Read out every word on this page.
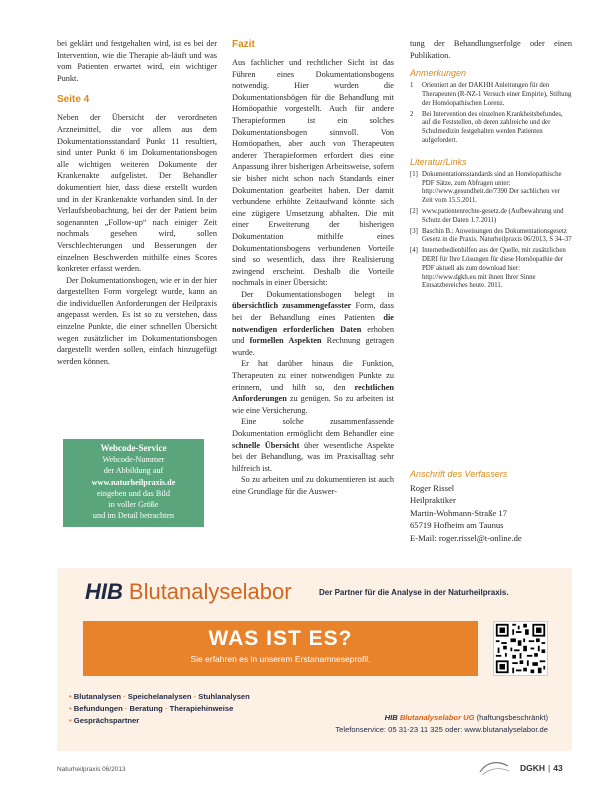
bei geklärt und festgehalten wird, ist es bei der Intervention, wie die Therapie ab-läuft und was vom Patienten erwartet wird, ein wichtiger Punkt.

Seite 4

Neben der Übersicht der verordneten Arzneimittel, die vor allem aus dem Dokumentationsstandard Punkt 11 resultiert, sind unter Punkt 6 im Dokumentationsbogen alle wichtigen weiteren Dokumente der Krankenakte aufgelistet. Der Behandler dokumentiert hier, dass diese erstellt wurden und in der Krankenakte vorhanden sind. In der Verlaufsbeobachtung, bei der der Patient beim sogenannten „Follow-up“ nach einiger Zeit nochmals gesehen wird, sollen Verschlechterungen und Besserungen der einzelnen Beschwerden mithilfe eines Scores konkreter erfasst werden.

Der Dokumentationsbogen, wie er in der hier dargestellten Form vorgelegt wurde, kann an die individuellen Anforderungen der Heilpraxis angepasst werden. Es ist so zu verstehen, dass einzelne Punkte, die einer schnellen Übersicht wegen zusätzlicher im Dokumentationsbogen dargestellt werden sollen, einfach hinzugefügt werden können.

Webcode-Service
Webcode-Nummer
der Abbildung auf
www.naturheilpraxis.de
eingeben und das Bild
in voller Größe
und im Detail betrachten
Fazit

Aus fachlicher und rechtlicher Sicht ist das Führen eines Dokumentationsbogens notwendig. Hier wurden die Dokumentationsbögen für die Behandlung mit Homöopathie vorgestellt. Auch für andere Therapieformen ist ein solches Dokumentationsbogen sinnvoll. Von Homöopathen, aber auch von Therapeuten anderer Therapieformen erfordert dies eine Anpassung ihrer bisherigen Arbeitsweise, sofern sie bisher nicht schon nach Standards einer Dokumentation gearbeitet haben. Der damit verbundene erhöhte Zeitaufwand könnte sich eine zügigere Umsetzung abhalten. Die mit einer Erweiterung der bisherigen Dokumentation mithilfe eines Dokumentationsbogens verbundenen Vorteile sind so wesentlich, dass ihre Realisierung zwingend erscheint. Deshalb die Vorteile nochmals in einer Übersicht:

Der Dokumentationsbogen belegt in übersichtlich zusammengefasster Form, dass bei der Behandlung eines Patienten die notwendigen erforderlichen Daten erhoben und formellen Aspekten Rechnung getragen wurde.

Er hat darüber hinaus die Funktion, Therapeuten zu einer notwendigen Punkte zu erinnern, und hilft so, den rechtlichen Anforderungen zu genügen. So zu arbeiten ist wie eine Versicherung.

Eine solche zusammenfassende Dokumentation ermöglicht dem Behandler eine schnelle Übersicht über wesentliche Aspekte bei der Behandlung, was im Praxisalltag sehr hilfreich ist.

So zu arbeiten und zu dokumentieren ist auch eine Grundlage für die Auswer-

tung der Behandlungserfolge oder einen Publikation.

Anmerkungen
1	Orientiert an der DAKHH Anleitungen für den Therapeuten (R-NZ-1 Versuch einer Empirie), Stiftung der Homöopathischen Lorenz.
2	Bei Intervention des einzelnen Krankheitsbefundes, auf die Feststellen, ob deren zahlreiche und der Schulmedizin festgehalten werden Patienten aufgefordert.
Literatur/Links
[1] Dokumentationsstandards sind an Homöopathische PDF Sätze, zum Abfragen unter: http://www.gesundheit.de/7390 Der sachlichen ver Zeit vom 15.5.2011.
[2] www.patientenrechte-gesetz.de (Aufbewahrung und Schutz der Daten 1.7.2011)
[3] Baschin B.: Anweisungen des Dokumentationsgesetz Gesetz in die Praxis. Naturheilpraxis 06/2013, S 34–37
[4] Internetbedienhilfen aus der Quelle, mit zusätzlichen DERI für Ihre Lösungen für diese Homöopathie der PDF aktuell als zum download hier: http://www.dgkh.eu mit ihnen Ihrer Sinne Einsatzbereiches heute. 2011.
Anschrift des Verfassers
Roger Rissel
Heilpraktiker
Martin-Wohmann-Straße 17
65719 Hofheim am Taunus
E-Mail: roger.rissel@t-online.de
HIB Blutanalyselabor	Der Partner für die Analyse in der Naturheilpraxis.
WAS IST ES?
Sie erfahren es in unserem Erstanamneseprofil.
• Blutanalysen · Speichelanalysen · Stuhlanalysen
• Befundungen · Beratung · Therapiehinweise
• Gesprächspartner	HIB Blutanalyselabor UG (haftungsbeschränkt)
Telefonservice: 05 31-23 11 325 oder: www.blutanalyselabor.de
Naturheilpraxis 06/2013	DGKH | 43
